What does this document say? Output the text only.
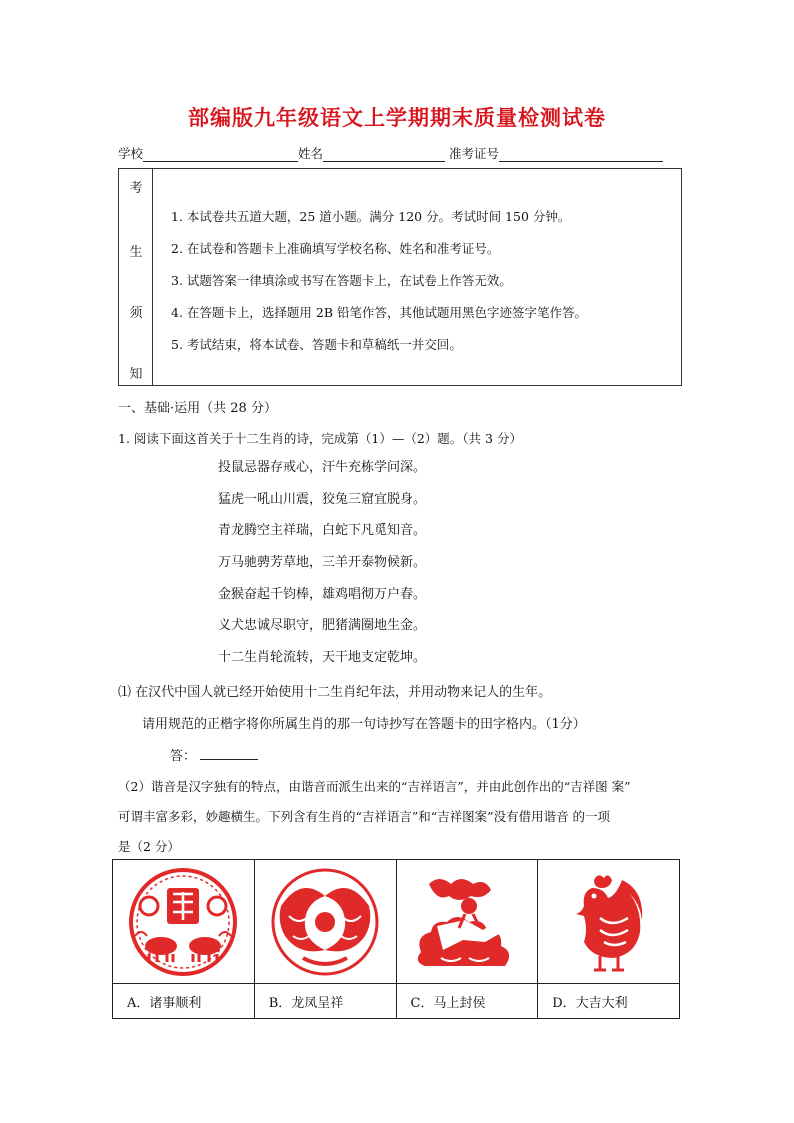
部编版九年级语文上学期期末质量检测试卷
学校	姓名	准考证号
考
生
须
知
1. 本试卷共五道大题，25 道小题。满分 120 分。考试时间 150 分钟。
2. 在试卷和答题卡上准确填写学校名称、姓名和准考证号。
3. 试题答案一律填涂或书写在答题卡上，在试卷上作答无效。
4. 在答题卡上，选择题用 2B 铅笔作答，其他试题用黑色字迹签字笔作答。
5. 考试结束，将本试卷、答题卡和草稿纸一并交回。
一、基础·运用（共 28 分）
1. 阅读下面这首关于十二生肖的诗，完成第（1）—（2）题。（共 3 分）
投鼠忌器存戒心，汗牛充栋学问深。
猛虎一吼山川震，狡兔三窟宜脱身。
青龙腾空主祥瑞，白蛇下凡觅知音。
万马驰骋芳草地，三羊开泰物候新。
金猴奋起千钧棒，雄鸡唱彻万户春。
义犬忠诚尽职守，肥猪满圈地生金。
十二生肖轮流转，天干地支定乾坤。
⑴ 在汉代中国人就已经开始使用十二生肖纪年法，并用动物来记人的生年。
请用规范的正楷字将你所属生肖的那一句诗抄写在答题卡的田字格内。（1分）
答：
（2）谐音是汉字独有的特点，由谐音而派生出来的“吉祥语言”，并由此创作出的“吉祥图 案”
可谓丰富多彩，妙趣横生。下列含有生肖的“吉祥语言”和“吉祥图案”没有借用谐音 的一项
是（2 分）

A．诸事顺利	B．龙凤呈祥	C．马上封侯	D．大吉大利
